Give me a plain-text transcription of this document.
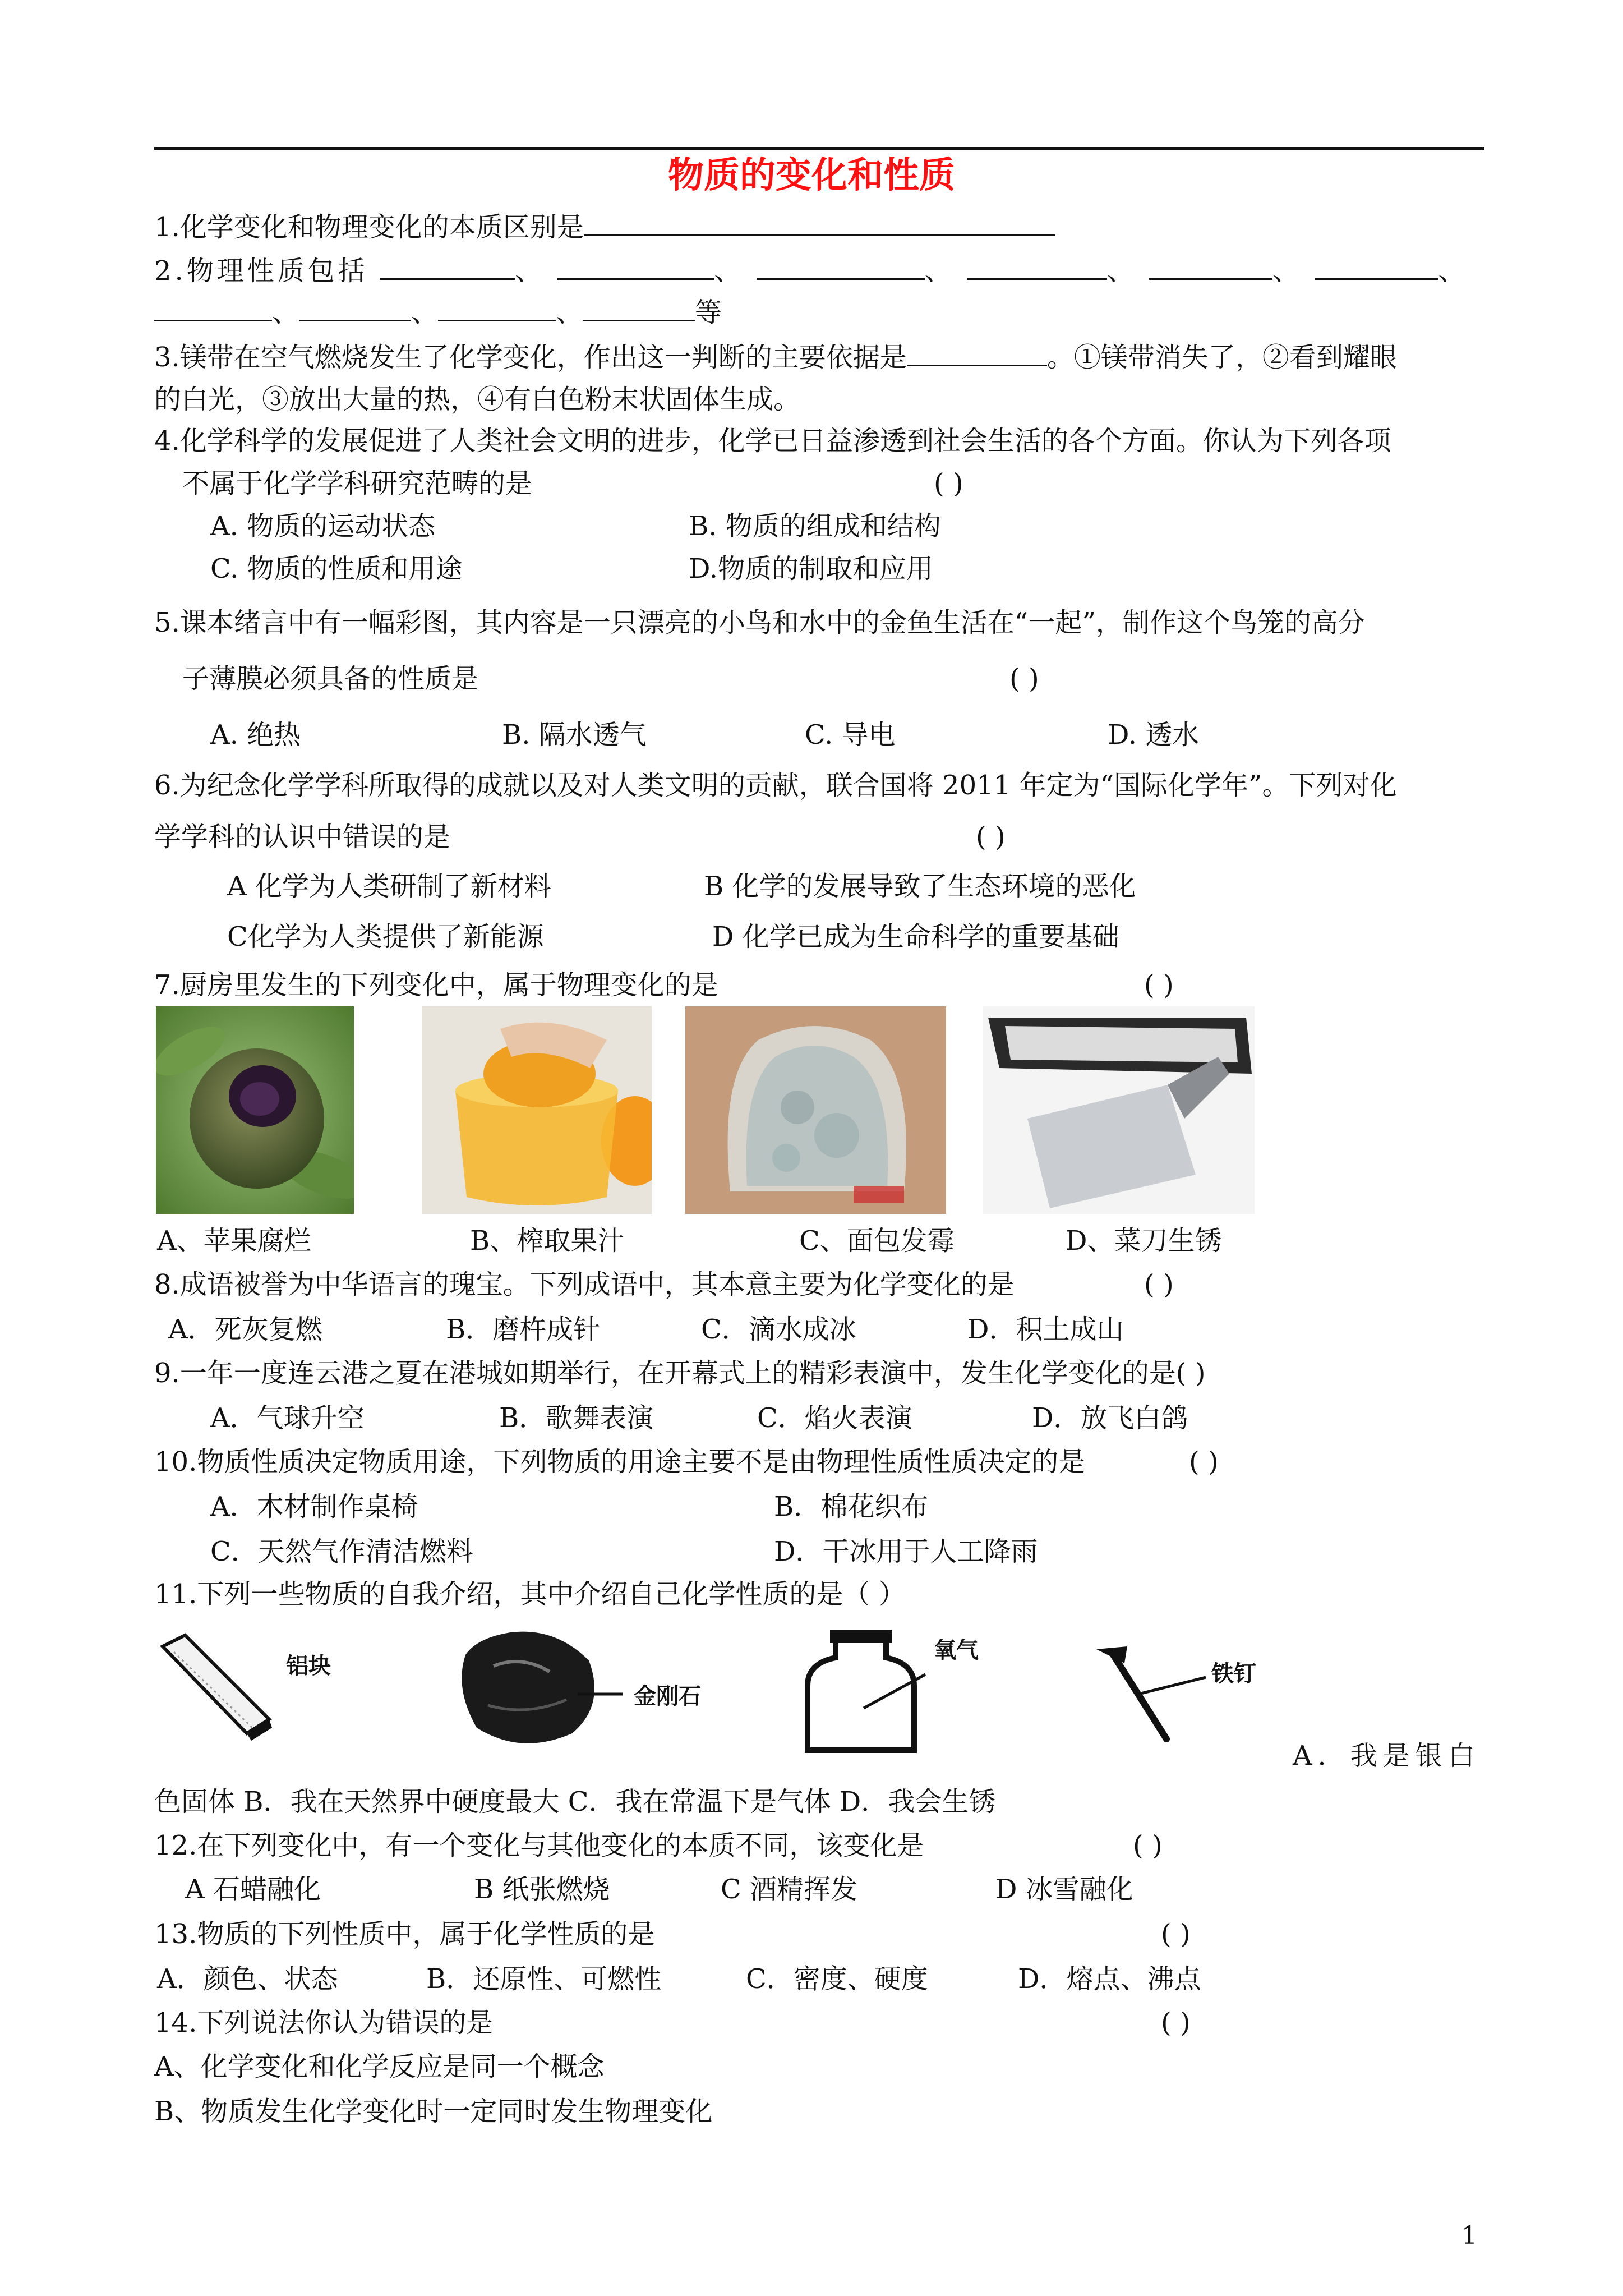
物质的变化和性质
1.化学变化和物理变化的本质区别是
2.物理性质包括	、	、	、	、	、	、
、	、	、	等
3.镁带在空气燃烧发生了化学变化，作出这一判断的主要依据是	。①镁带消失了，②看到耀眼
的白光，③放出大量的热，④有白色粉末状固体生成。
4.化学科学的发展促进了人类社会文明的进步，化学已日益渗透到社会生活的各个方面。你认为下列各项
不属于化学学科研究范畴的是	( )
A. 物质的运动状态	B. 物质的组成和结构
C. 物质的性质和用途	D.物质的制取和应用
5.课本绪言中有一幅彩图，其内容是一只漂亮的小鸟和水中的金鱼生活在“一起”，制作这个鸟笼的高分
子薄膜必须具备的性质是	( )
A. 绝热	B. 隔水透气	C. 导电	D. 透水
6.为纪念化学学科所取得的成就以及对人类文明的贡献，联合国将 2011 年定为“国际化学年”。下列对化
学学科的认识中错误的是	( )
A 化学为人类研制了新材料	B 化学的发展导致了生态环境的恶化
C化学为人类提供了新能源	D 化学已成为生命科学的重要基础
7.厨房里发生的下列变化中，属于物理变化的是	( )
A、苹果腐烂	B、榨取果汁	C、面包发霉	D、菜刀生锈
8.成语被誉为中华语言的瑰宝。下列成语中，其本意主要为化学变化的是	( )
A．死灰复燃	B．磨杵成针	C．滴水成冰	D．积土成山
9.一年一度连云港之夏在港城如期举行，在开幕式上的精彩表演中，发生化学变化的是( )
A．气球升空	B．歌舞表演	C．焰火表演	D．放飞白鸽
10.物质性质决定物质用途，下列物质的用途主要不是由物理性质性质决定的是	( )
A．木材制作桌椅	B．棉花织布
C．天然气作清洁燃料	D．干冰用于人工降雨
11.下列一些物质的自我介绍，其中介绍自己化学性质的是（ ）
铝块
金刚石
氧气
铁钉
A．我是银白
色固体 B．我在天然界中硬度最大 C．我在常温下是气体 D．我会生锈
12.在下列变化中，有一个变化与其他变化的本质不同，该变化是	( )
A 石蜡融化	B 纸张燃烧	C 酒精挥发	D 冰雪融化
13.物质的下列性质中，属于化学性质的是	( )
A．颜色、状态	B．还原性、可燃性	C．密度、硬度	D．熔点、沸点
14.下列说法你认为错误的是	( )
A、化学变化和化学反应是同一个概念
B、物质发生化学变化时一定同时发生物理变化
1
